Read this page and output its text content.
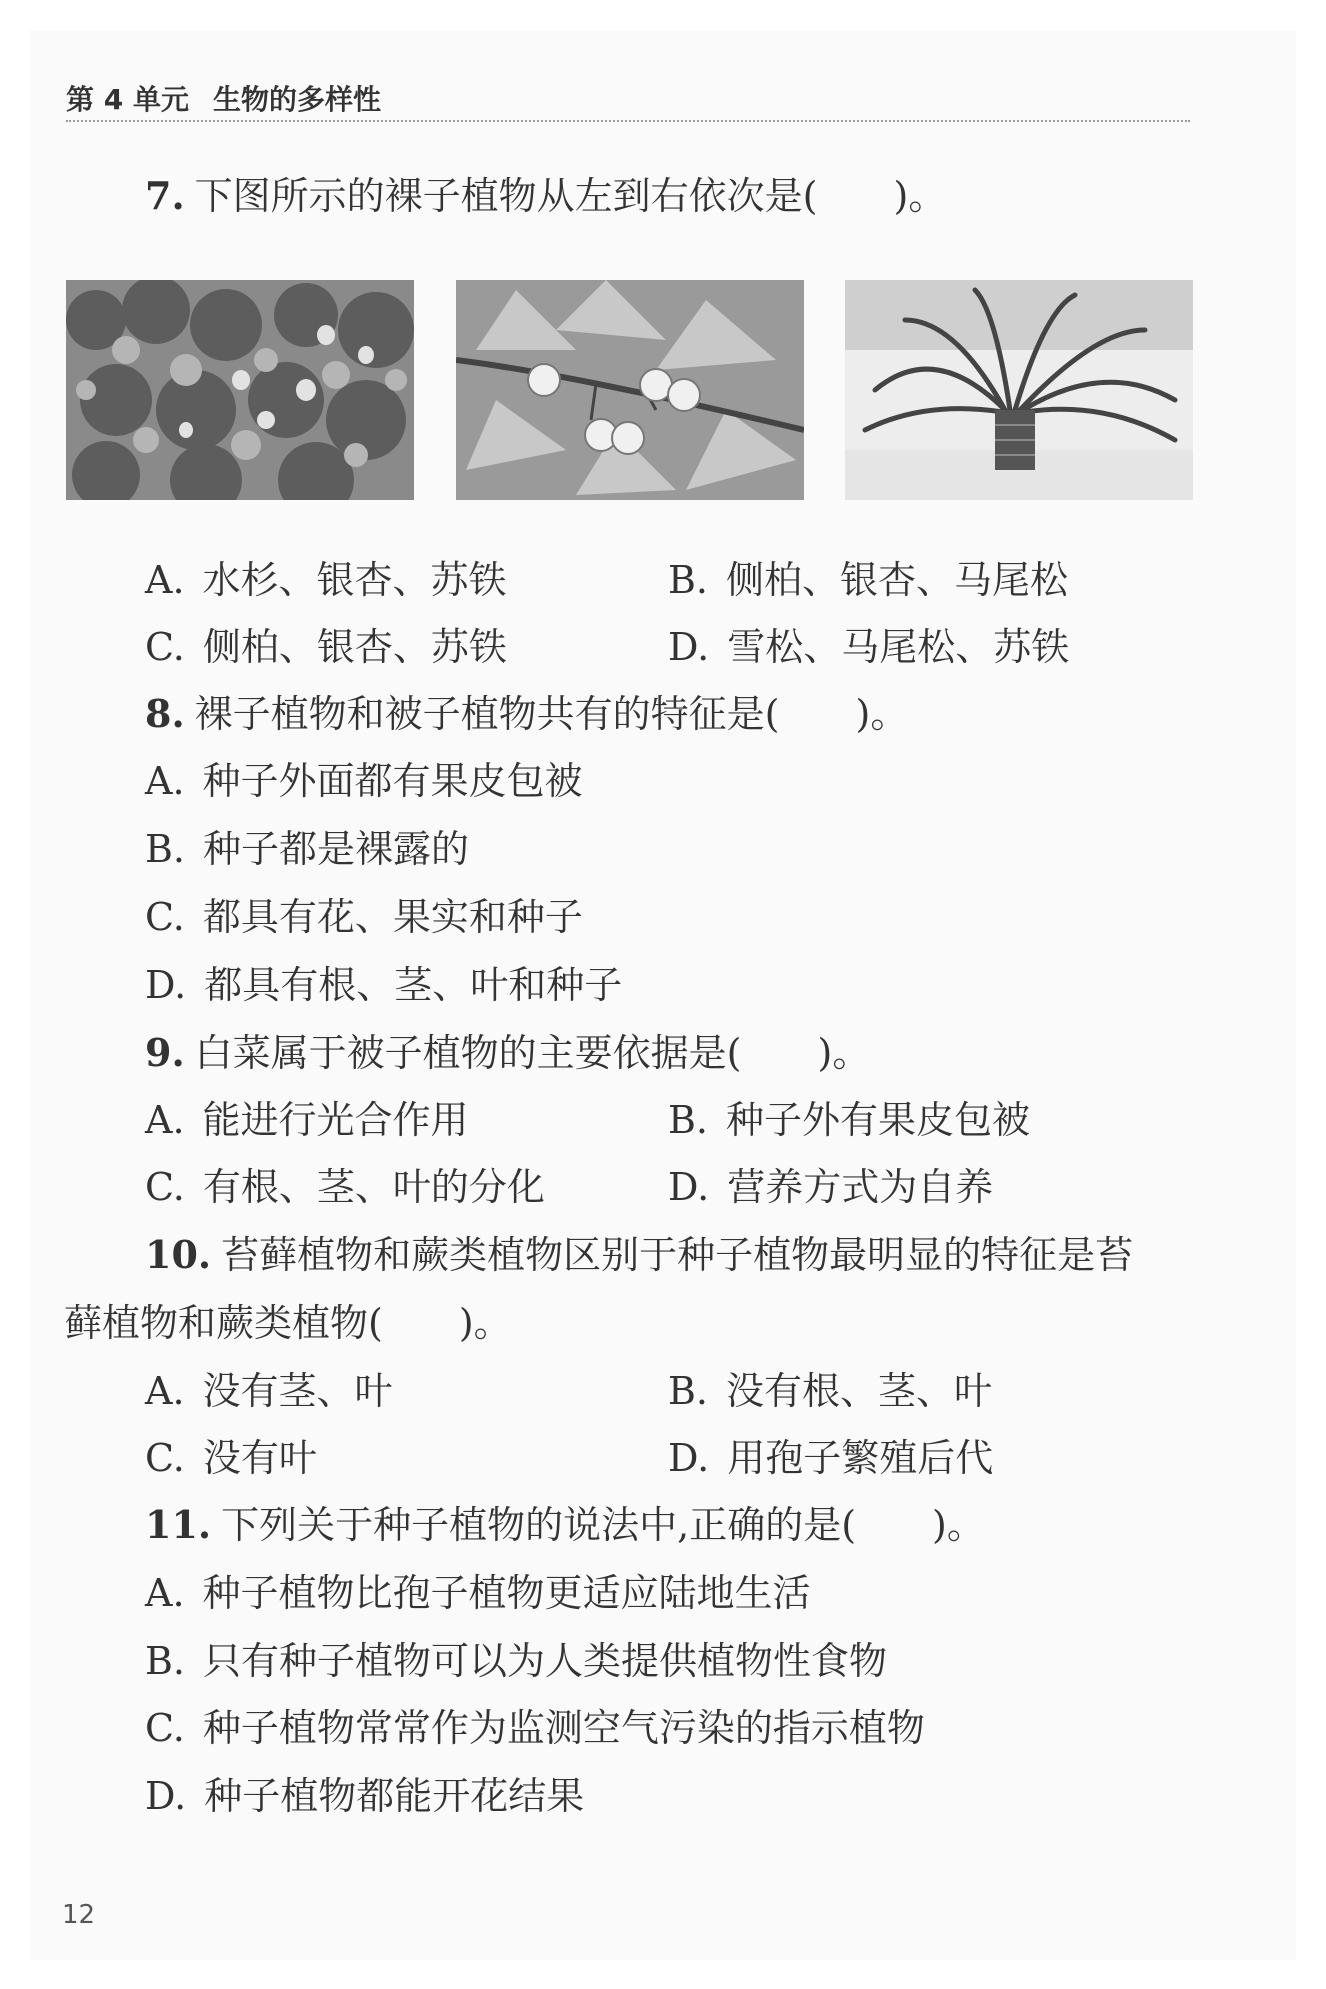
第 4 单元 生物的多样性
7. 下图所示的裸子植物从左到右依次是(　　)。
A. 水杉、银杏、苏铁	B. 侧柏、银杏、马尾松
C. 侧柏、银杏、苏铁	D. 雪松、马尾松、苏铁
8. 裸子植物和被子植物共有的特征是(　　)。
A. 种子外面都有果皮包被
B. 种子都是裸露的
C. 都具有花、果实和种子
D. 都具有根、茎、叶和种子
9. 白菜属于被子植物的主要依据是(　　)。
A. 能进行光合作用	B. 种子外有果皮包被
C. 有根、茎、叶的分化	D. 营养方式为自养
10. 苔藓植物和蕨类植物区别于种子植物最明显的特征是苔
藓植物和蕨类植物(　　)。
A. 没有茎、叶	B. 没有根、茎、叶
C. 没有叶	D. 用孢子繁殖后代
11. 下列关于种子植物的说法中,正确的是(　　)。
A. 种子植物比孢子植物更适应陆地生活
B. 只有种子植物可以为人类提供植物性食物
C. 种子植物常常作为监测空气污染的指示植物
D. 种子植物都能开花结果
12
